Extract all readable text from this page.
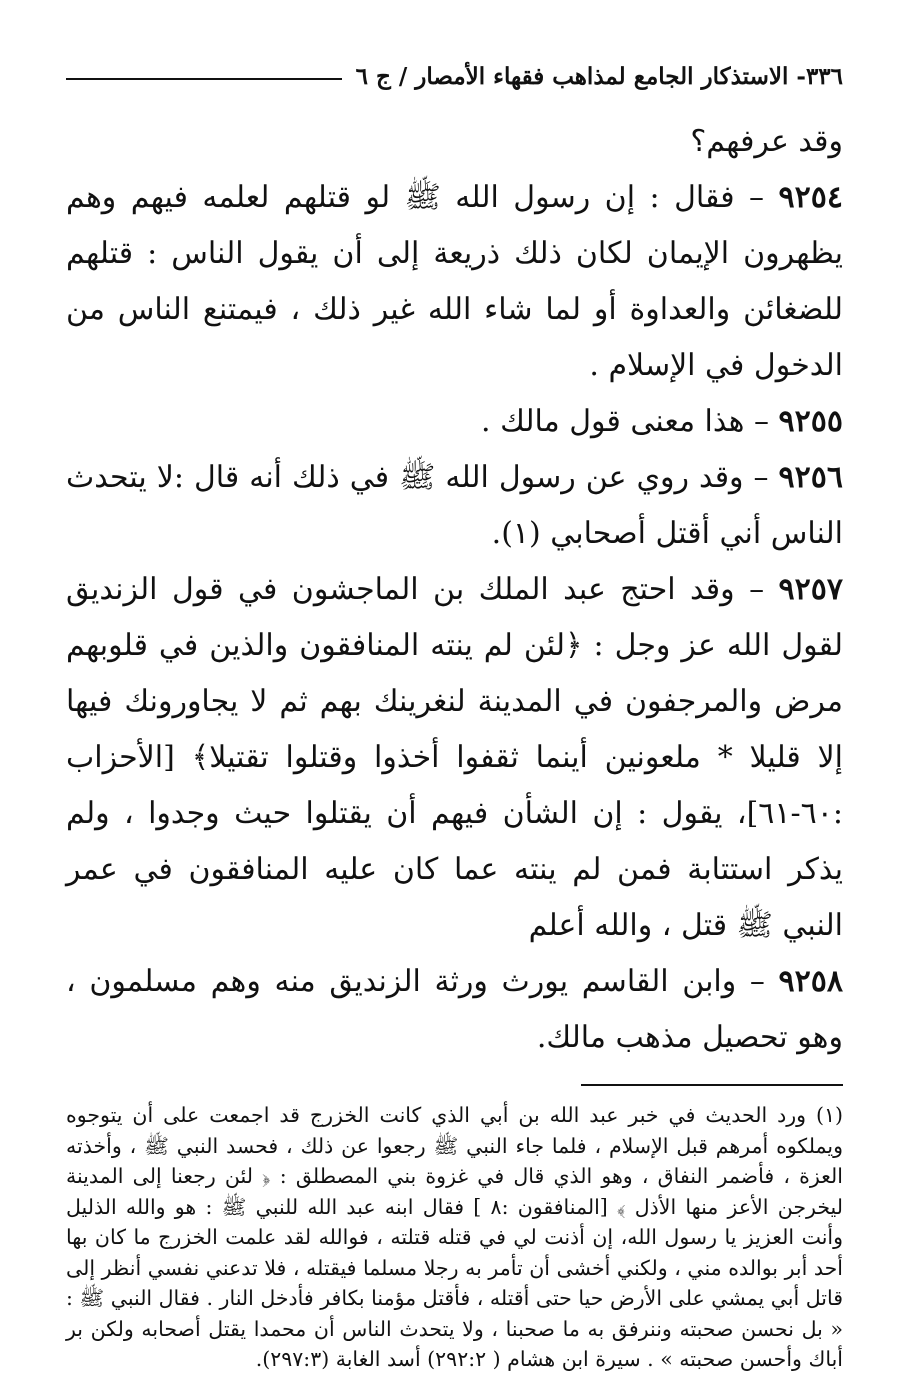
٣٣٦- الاستذكار الجامع لمذاهب فقهاء الأمصار / ج ٦

وقد عرفهم؟

٩٢٥٤ – فقال : إن رسول الله ﷺ لو قتلهم لعلمه فيهم وهم يظهرون الإيمان لكان ذلك ذريعة إلى أن يقول الناس : قتلهم للضغائن والعداوة أو لما شاء الله غير ذلك ، فيمتنع الناس من الدخول في الإسلام .

٩٢٥٥ – هذا معنى قول مالك .

٩٢٥٦ – وقد روي عن رسول الله ﷺ في ذلك أنه قال :لا يتحدث الناس أني أقتل أصحابي (١).

٩٢٥٧ – وقد احتج عبد الملك بن الماجشون في قول الزنديق لقول الله عز وجل : ﴿لئن لم ينته المنافقون والذين في قلوبهم مرض والمرجفون في المدينة لنغرينك بهم ثم لا يجاورونك فيها إلا قليلا * ملعونين أينما ثقفوا أخذوا وقتلوا تقتيلا﴾ [الأحزاب :٦٠-٦١]، يقول : إن الشأن فيهم أن يقتلوا حيث وجدوا ، ولم يذكر استتابة فمن لم ينته عما كان عليه المنافقون في عمر النبي ﷺ قتل ، والله أعلم

٩٢٥٨ – وابن القاسم يورث ورثة الزنديق منه وهم مسلمون ، وهو تحصيل مذهب مالك.

(١) ورد الحديث في خبر عبد الله بن أبي الذي كانت الخزرج قد اجمعت على أن يتوجوه ويملكوه أمرهم قبل الإسلام ، فلما جاء النبي ﷺ رجعوا عن ذلك ، فحسد النبي ﷺ ، وأخذته العزة ، فأضمر النفاق ، وهو الذي قال في غزوة بني المصطلق : ﴿ لئن رجعنا إلى المدينة ليخرجن الأعز منها الأذل ﴾ [المنافقون :٨ ] فقال ابنه عبد الله للنبي ﷺ : هو والله الذليل وأنت العزيز يا رسول الله، إن أذنت لي في قتله قتلته ، فوالله لقد علمت الخزرج ما كان بها أحد أبر بوالده مني ، ولكني أخشى أن تأمر به رجلا مسلما فيقتله ، فلا تدعني نفسي أنظر إلى قاتل أبي يمشي على الأرض حيا حتى أقتله ، فأقتل مؤمنا بكافر فأدخل النار . فقال النبي ﷺ : « بل نحسن صحبته وننرفق به ما صحبنا ، ولا يتحدث الناس أن محمدا يقتل أصحابه ولكن بر أباك وأحسن صحبته » . سيرة ابن هشام ( ٢٩٢:٢) أسد الغابة (٢٩٧:٣).
